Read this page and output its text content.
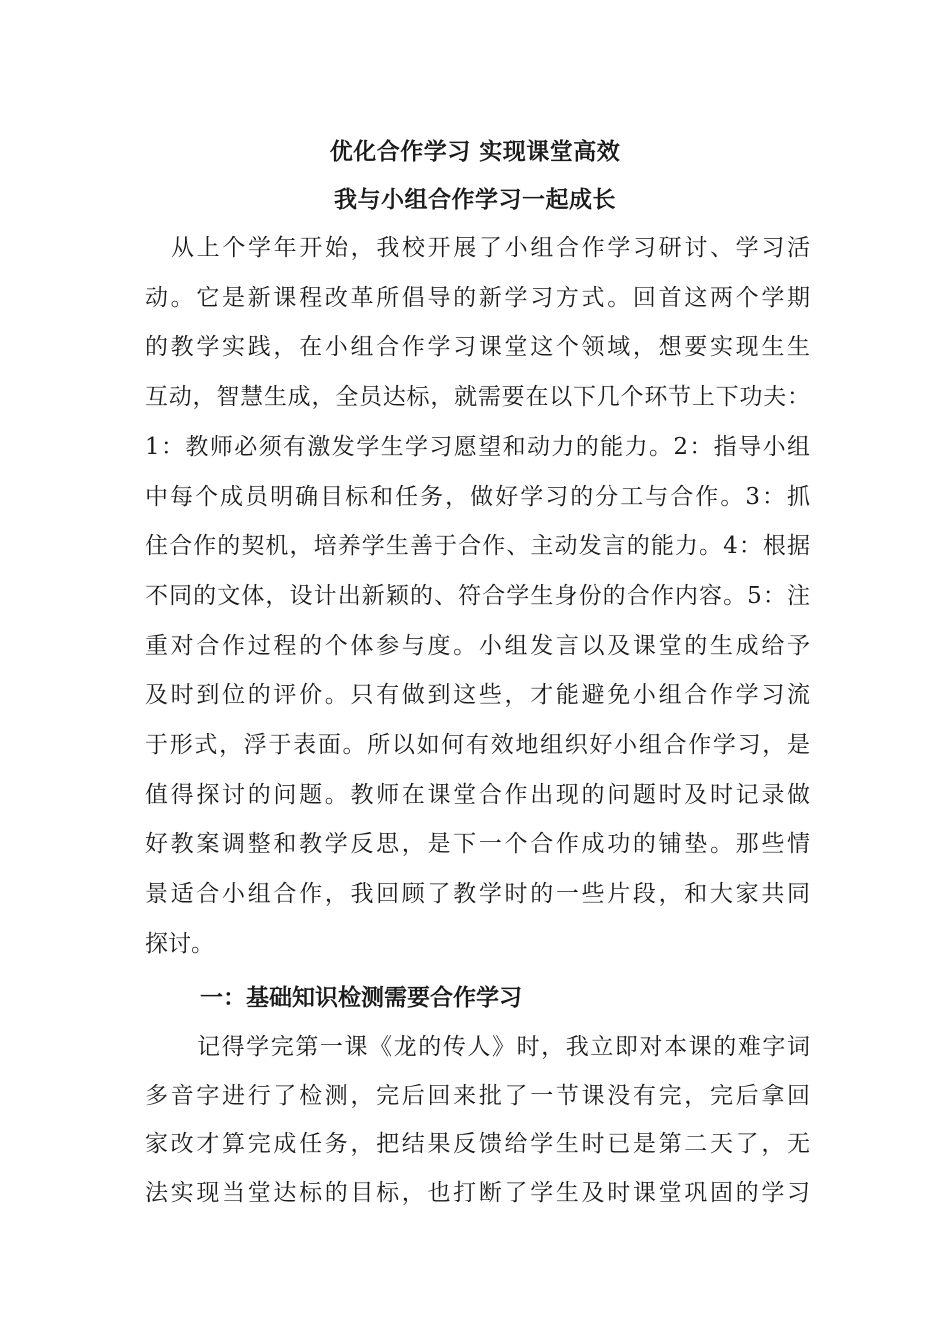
优化合作学习 实现课堂高效
我与小组合作学习一起成长
从上个学年开始，我校开展了小组合作学习研讨、学习活
动。它是新课程改革所倡导的新学习方式。回首这两个学期
的教学实践，在小组合作学习课堂这个领域，想要实现生生
互动，智慧生成，全员达标，就需要在以下几个环节上下功夫：
1：教师必须有激发学生学习愿望和动力的能力。2：指导小组
中每个成员明确目标和任务，做好学习的分工与合作。3：抓
住合作的契机，培养学生善于合作、主动发言的能力。4：根据
不同的文体，设计出新颖的、符合学生身份的合作内容。5：注
重对合作过程的个体参与度。小组发言以及课堂的生成给予
及时到位的评价。只有做到这些，才能避免小组合作学习流
于形式，浮于表面。所以如何有效地组织好小组合作学习，是
值得探讨的问题。教师在课堂合作出现的问题时及时记录做
好教案调整和教学反思，是下一个合作成功的铺垫。那些情
景适合小组合作，我回顾了教学时的一些片段，和大家共同
探讨。
一：基础知识检测需要合作学习
记得学完第一课《龙的传人》时，我立即对本课的难字词
多音字进行了检测，完后回来批了一节课没有完，完后拿回
家改才算完成任务，把结果反馈给学生时已是第二天了，无
法实现当堂达标的目标，也打断了学生及时课堂巩固的学习
